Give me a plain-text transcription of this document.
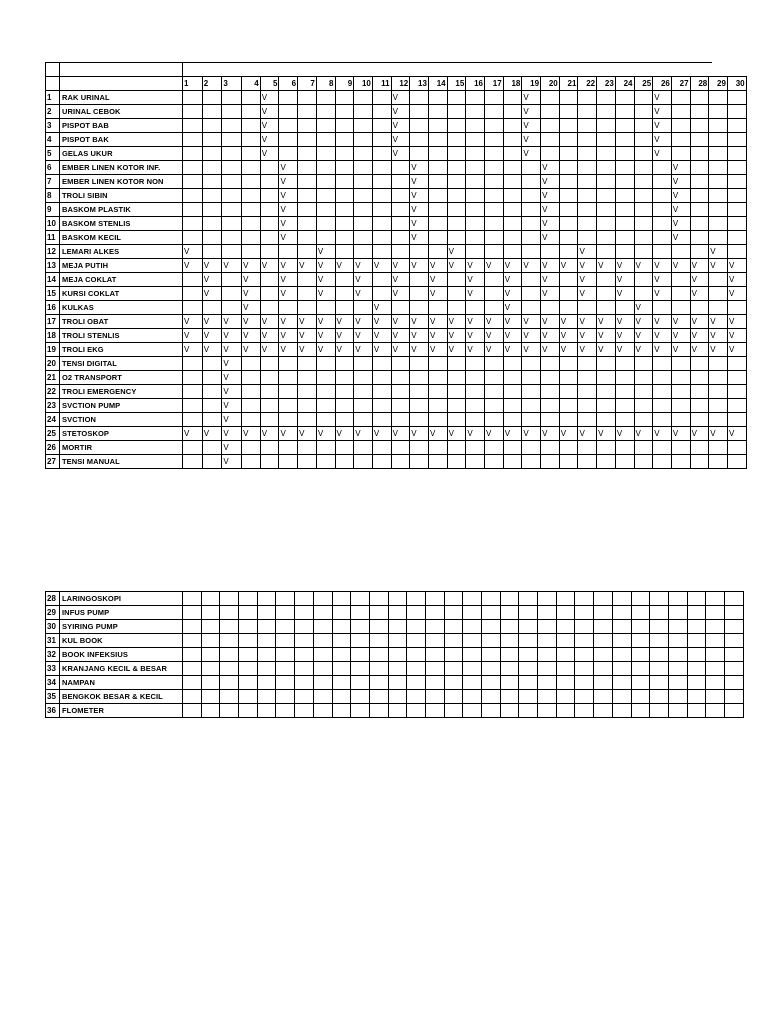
		1	2	3	4	5	6	7	8	9	10	11	12	13	14	15	16	17	18	19	20	21	22	23	24	25	26	27	28	29	30
1	RAK URINAL					V							V							V							V				
2	URINAL CEBOK					V							V							V							V				
3	PISPOT BAB					V							V							V							V				
4	PISPOT BAK					V							V							V							V				
5	GELAS UKUR					V							V							V							V				
6	EMBER LINEN KOTOR INF.						V							V							V							V			
7	EMBER LINEN KOTOR NON						V							V							V							V			
8	TROLI SIBIN						V							V							V							V			
9	BASKOM PLASTIK						V							V							V							V			
10	BASKOM STENLIS						V							V							V							V			
11	BASKOM KECIL						V							V							V							V			
12	LEMARI ALKES	V							V							V							V							V	
13	MEJA PUTIH	V	V	V	V	V	V	V	V	V	V	V	V	V	V	V	V	V	V	V	V	V	V	V	V	V	V	V	V	V	V
14	MEJA COKLAT		V		V		V		V		V		V		V		V		V		V		V		V		V		V		V
15	KURSI COKLAT		V		V		V		V		V		V		V		V		V		V		V		V		V		V		V
16	KULKAS				V							V							V							V					
17	TROLI OBAT	V	V	V	V	V	V	V	V	V	V	V	V	V	V	V	V	V	V	V	V	V	V	V	V	V	V	V	V	V	V
18	TROLI STENLIS	V	V	V	V	V	V	V	V	V	V	V	V	V	V	V	V	V	V	V	V	V	V	V	V	V	V	V	V	V	V
19	TROLI EKG	V	V	V	V	V	V	V	V	V	V	V	V	V	V	V	V	V	V	V	V	V	V	V	V	V	V	V	V	V	V
20	TENSI DIGITAL			V																											
21	O2 TRANSPORT			V																											
22	TROLI EMERGENCY			V																											
23	SVCTION PUMP			V																											
24	SVCTION			V																											
25	STETOSKOP	V	V	V	V	V	V	V	V	V	V	V	V	V	V	V	V	V	V	V	V	V	V	V	V	V	V	V	V	V	V
26	MORTIR			V																											
27	TENSI MANUAL			V																											
28	LARINGOSKOPI																														
29	INFUS PUMP																														
30	SYIRING PUMP																														
31	KUL BOOK																														
32	BOOK INFEKSIUS																														
33	KRANJANG KECIL & BESAR																														
34	NAMPAN																														
35	BENGKOK BESAR & KECIL																														
36	FLOMETER																														
